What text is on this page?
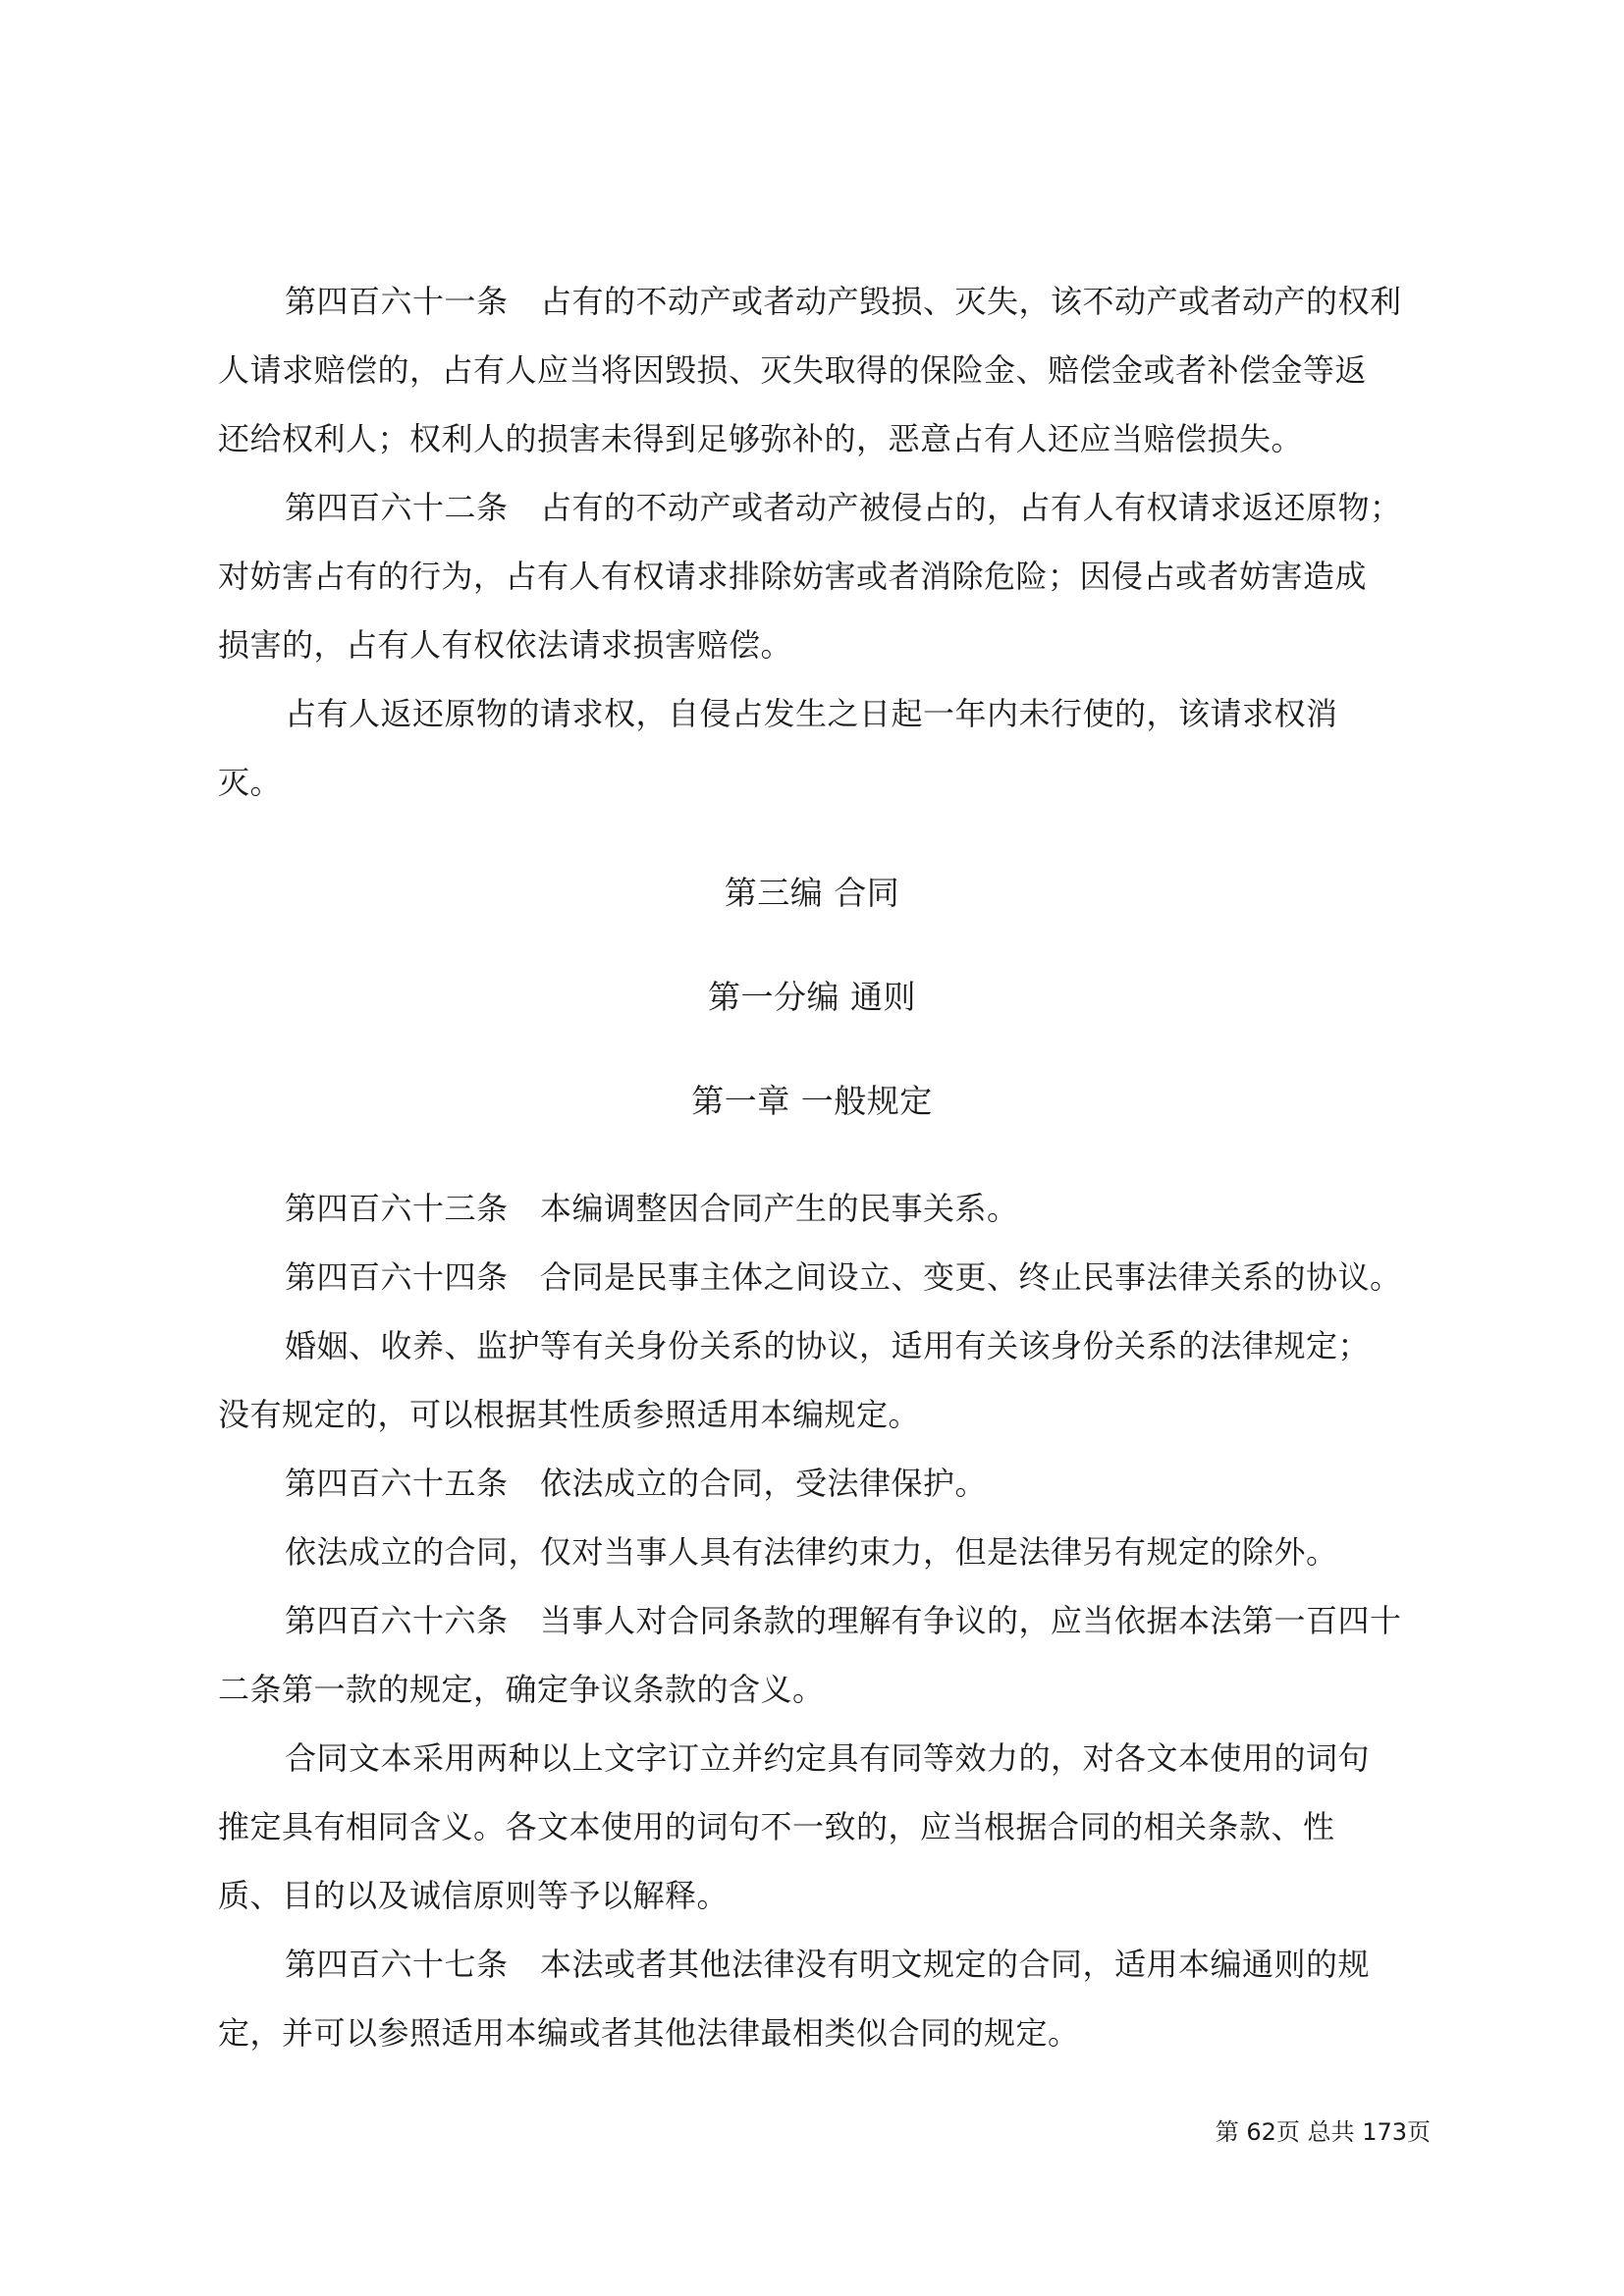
第四百六十一条　占有的不动产或者动产毁损、灭失，该不动产或者动产的权利
人请求赔偿的，占有人应当将因毁损、灭失取得的保险金、赔偿金或者补偿金等返
还给权利人；权利人的损害未得到足够弥补的，恶意占有人还应当赔偿损失。
第四百六十二条　占有的不动产或者动产被侵占的，占有人有权请求返还原物；
对妨害占有的行为，占有人有权请求排除妨害或者消除危险；因侵占或者妨害造成
损害的，占有人有权依法请求损害赔偿。
占有人返还原物的请求权，自侵占发生之日起一年内未行使的，该请求权消
灭。
第三编 合同
第一分编 通则
第一章 一般规定
第四百六十三条　本编调整因合同产生的民事关系。
第四百六十四条　合同是民事主体之间设立、变更、终止民事法律关系的协议。
婚姻、收养、监护等有关身份关系的协议，适用有关该身份关系的法律规定；
没有规定的，可以根据其性质参照适用本编规定。
第四百六十五条　依法成立的合同，受法律保护。
依法成立的合同，仅对当事人具有法律约束力，但是法律另有规定的除外。
第四百六十六条　当事人对合同条款的理解有争议的，应当依据本法第一百四十
二条第一款的规定，确定争议条款的含义。
合同文本采用两种以上文字订立并约定具有同等效力的，对各文本使用的词句
推定具有相同含义。各文本使用的词句不一致的，应当根据合同的相关条款、性
质、目的以及诚信原则等予以解释。
第四百六十七条　本法或者其他法律没有明文规定的合同，适用本编通则的规
定，并可以参照适用本编或者其他法律最相类似合同的规定。
第 62页 总共 173页
